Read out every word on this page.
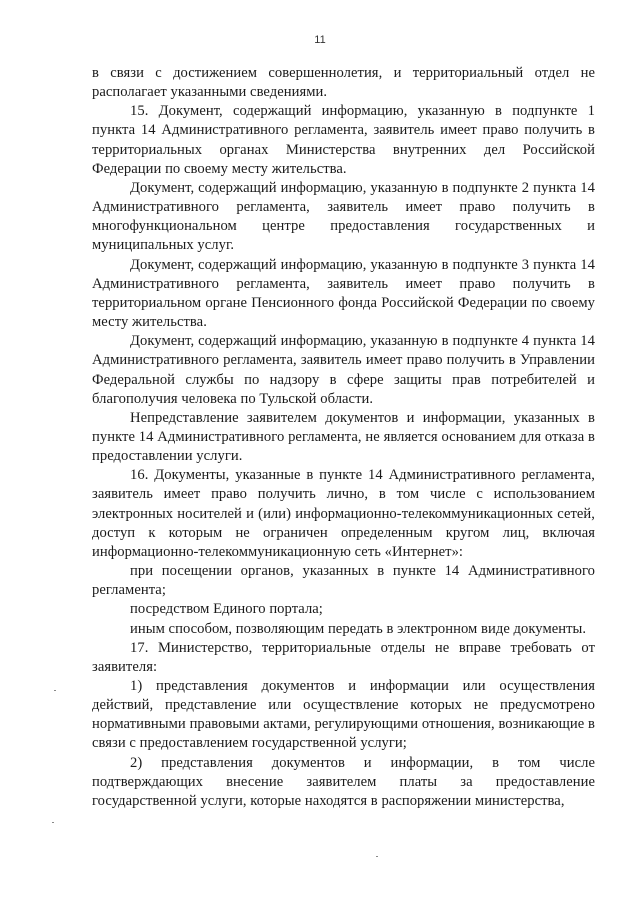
11

в связи с достижением совершеннолетия, и территориальный отдел не располагает указанными сведениями.

15. Документ, содержащий информацию, указанную в подпункте 1 пункта 14 Административного регламента, заявитель имеет право получить в территориальных органах Министерства внутренних дел Российской Федерации по своему месту жительства.

Документ, содержащий информацию, указанную в подпункте 2 пункта 14 Административного регламента, заявитель имеет право получить в многофункциональном центре предоставления государственных и муниципальных услуг.

Документ, содержащий информацию, указанную в подпункте 3 пункта 14 Административного регламента, заявитель имеет право получить в территориальном органе Пенсионного фонда Российской Федерации по своему месту жительства.

Документ, содержащий информацию, указанную в подпункте 4 пункта 14 Административного регламента, заявитель имеет право получить в Управлении Федеральной службы по надзору в сфере защиты прав потребителей и благополучия человека по Тульской области.

Непредставление заявителем документов и информации, указанных в пункте 14 Административного регламента, не является основанием для отказа в предоставлении услуги.

16. Документы, указанные в пункте 14 Административного регламента, заявитель имеет право получить лично, в том числе с использованием электронных носителей и (или) информационно-телекоммуникационных сетей, доступ к которым не ограничен определенным кругом лиц, включая информационно-телекоммуникационную сеть «Интернет»:

при посещении органов, указанных в пункте 14 Административного регламента;

посредством Единого портала;

иным способом, позволяющим передать в электронном виде документы.

17. Министерство, территориальные отделы не вправе требовать от заявителя:

1) представления документов и информации или осуществления действий, представление или осуществление которых не предусмотрено нормативными правовыми актами, регулирующими отношения, возникающие в связи с предоставлением государственной услуги;

2) представления документов и информации, в том числе подтверждающих внесение заявителем платы за предоставление государственной услуги, которые находятся в распоряжении министерства,
